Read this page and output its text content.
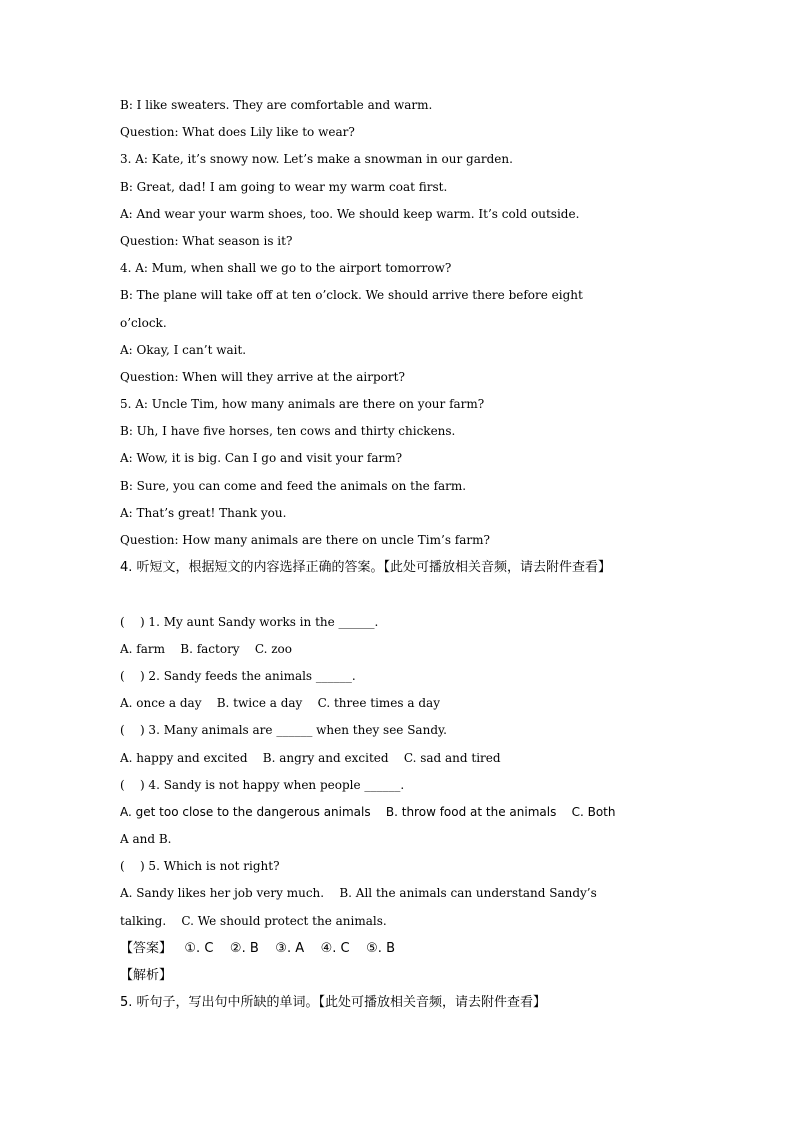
B: I like sweaters. They are comfortable and warm.
Question: What does Lily like to wear?
3. A: Kate, it’s snowy now. Let’s make a snowman in our garden.
B: Great, dad! I am going to wear my warm coat first.
A: And wear your warm shoes, too. We should keep warm. It’s cold outside.
Question: What season is it?
4. A: Mum, when shall we go to the airport tomorrow?
B: The plane will take off at ten o’clock. We should arrive there before eight
o’clock.
A: Okay, I can’t wait.
Question: When will they arrive at the airport?
5. A: Uncle Tim, how many animals are there on your farm?
B: Uh, I have five horses, ten cows and thirty chickens.
A: Wow, it is big. Can I go and visit your farm?
B: Sure, you can come and feed the animals on the farm.
A: That’s great! Thank you.
Question: How many animals are there on uncle Tim’s farm?
4. 听短文，根据短文的内容选择正确的答案。【此处可播放相关音频，请去附件查看】
(    ) 1. My aunt Sandy works in the ______.
A. farm    B. factory    C. zoo
(    ) 2. Sandy feeds the animals ______.
A. once a day    B. twice a day    C. three times a day
(    ) 3. Many animals are ______ when they see Sandy.
A. happy and excited    B. angry and excited    C. sad and tired
(    ) 4. Sandy is not happy when people ______.
A. get too close to the dangerous animals    B. throw food at the animals    C. Both
A and B.
(    ) 5. Which is not right?
A. Sandy likes her job very much.    B. All the animals can understand Sandy’s
talking.    C. We should protect the animals.
【答案】   ①. C    ②. B    ③. A    ④. C    ⑤. B
【解析】
5. 听句子，写出句中所缺的单词。【此处可播放相关音频，请去附件查看】
